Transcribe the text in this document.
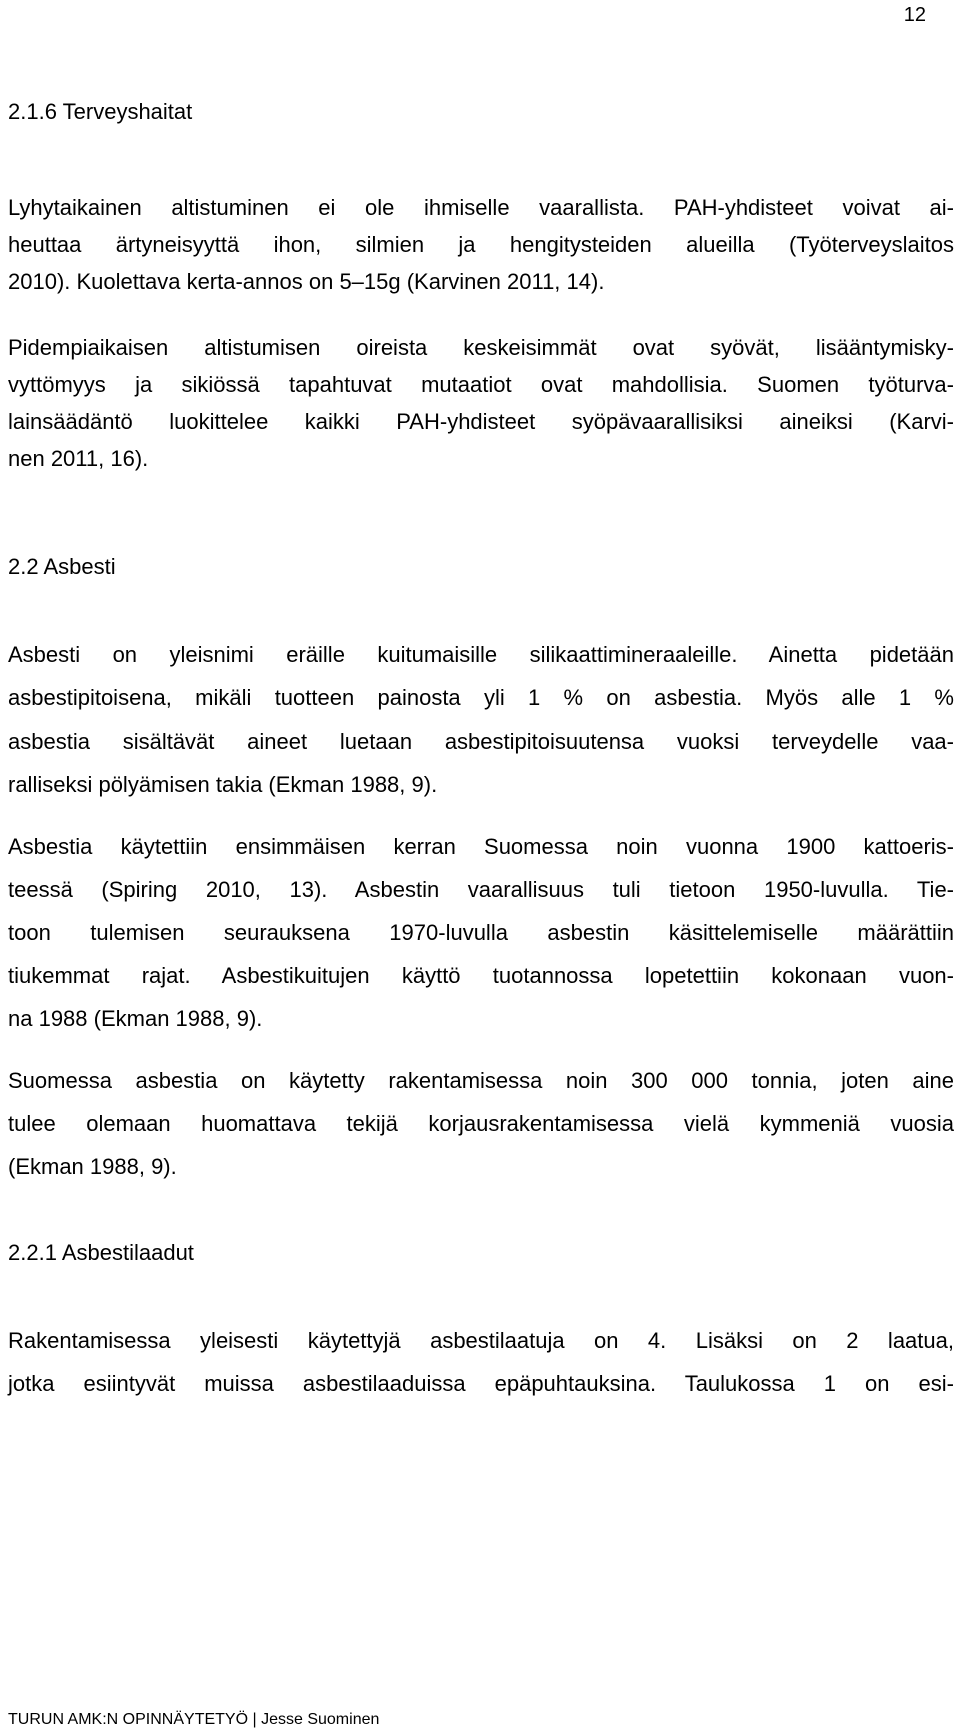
12
2.1.6 Terveyshaitat
Lyhytaikainen altistuminen ei ole ihmiselle vaarallista. PAH-yhdisteet voivat ai-
heuttaa ärtyneisyyttä ihon, silmien ja hengitysteiden alueilla (Työterveyslaitos
2010). Kuolettava kerta-annos on 5–15g (Karvinen 2011, 14).
Pidempiaikaisen altistumisen oireista keskeisimmät ovat syövät, lisääntymisky-
vyttömyys ja sikiössä tapahtuvat mutaatiot ovat mahdollisia. Suomen työturva-
lainsäädäntö luokittelee kaikki PAH-yhdisteet syöpävaarallisiksi aineiksi (Karvi-
nen 2011, 16).
2.2 Asbesti
Asbesti on yleisnimi eräille kuitumaisille silikaattimineraaleille. Ainetta pidetään
asbestipitoisena, mikäli tuotteen painosta yli 1 % on asbestia. Myös alle 1 %
asbestia sisältävät aineet luetaan asbestipitoisuutensa vuoksi terveydelle vaa-
ralliseksi pölyämisen takia (Ekman 1988, 9).
Asbestia käytettiin ensimmäisen kerran Suomessa noin vuonna 1900 kattoeris-
teessä (Spiring 2010, 13). Asbestin vaarallisuus tuli tietoon 1950-luvulla. Tie-
toon tulemisen seurauksena 1970-luvulla asbestin käsittelemiselle määrättiin
tiukemmat rajat. Asbestikuitujen käyttö tuotannossa lopetettiin kokonaan vuon-
na 1988 (Ekman 1988, 9).
Suomessa asbestia on käytetty rakentamisessa noin 300 000 tonnia, joten aine
tulee olemaan huomattava tekijä korjausrakentamisessa vielä kymmeniä vuosia
(Ekman 1988, 9).
2.2.1 Asbestilaadut
Rakentamisessa yleisesti käytettyjä asbestilaatuja on 4. Lisäksi on 2 laatua,
jotka esiintyvät muissa asbestilaaduissa epäpuhtauksina. Taulukossa 1 on esi-
TURUN AMK:N OPINNÄYTETYÖ | Jesse Suominen
